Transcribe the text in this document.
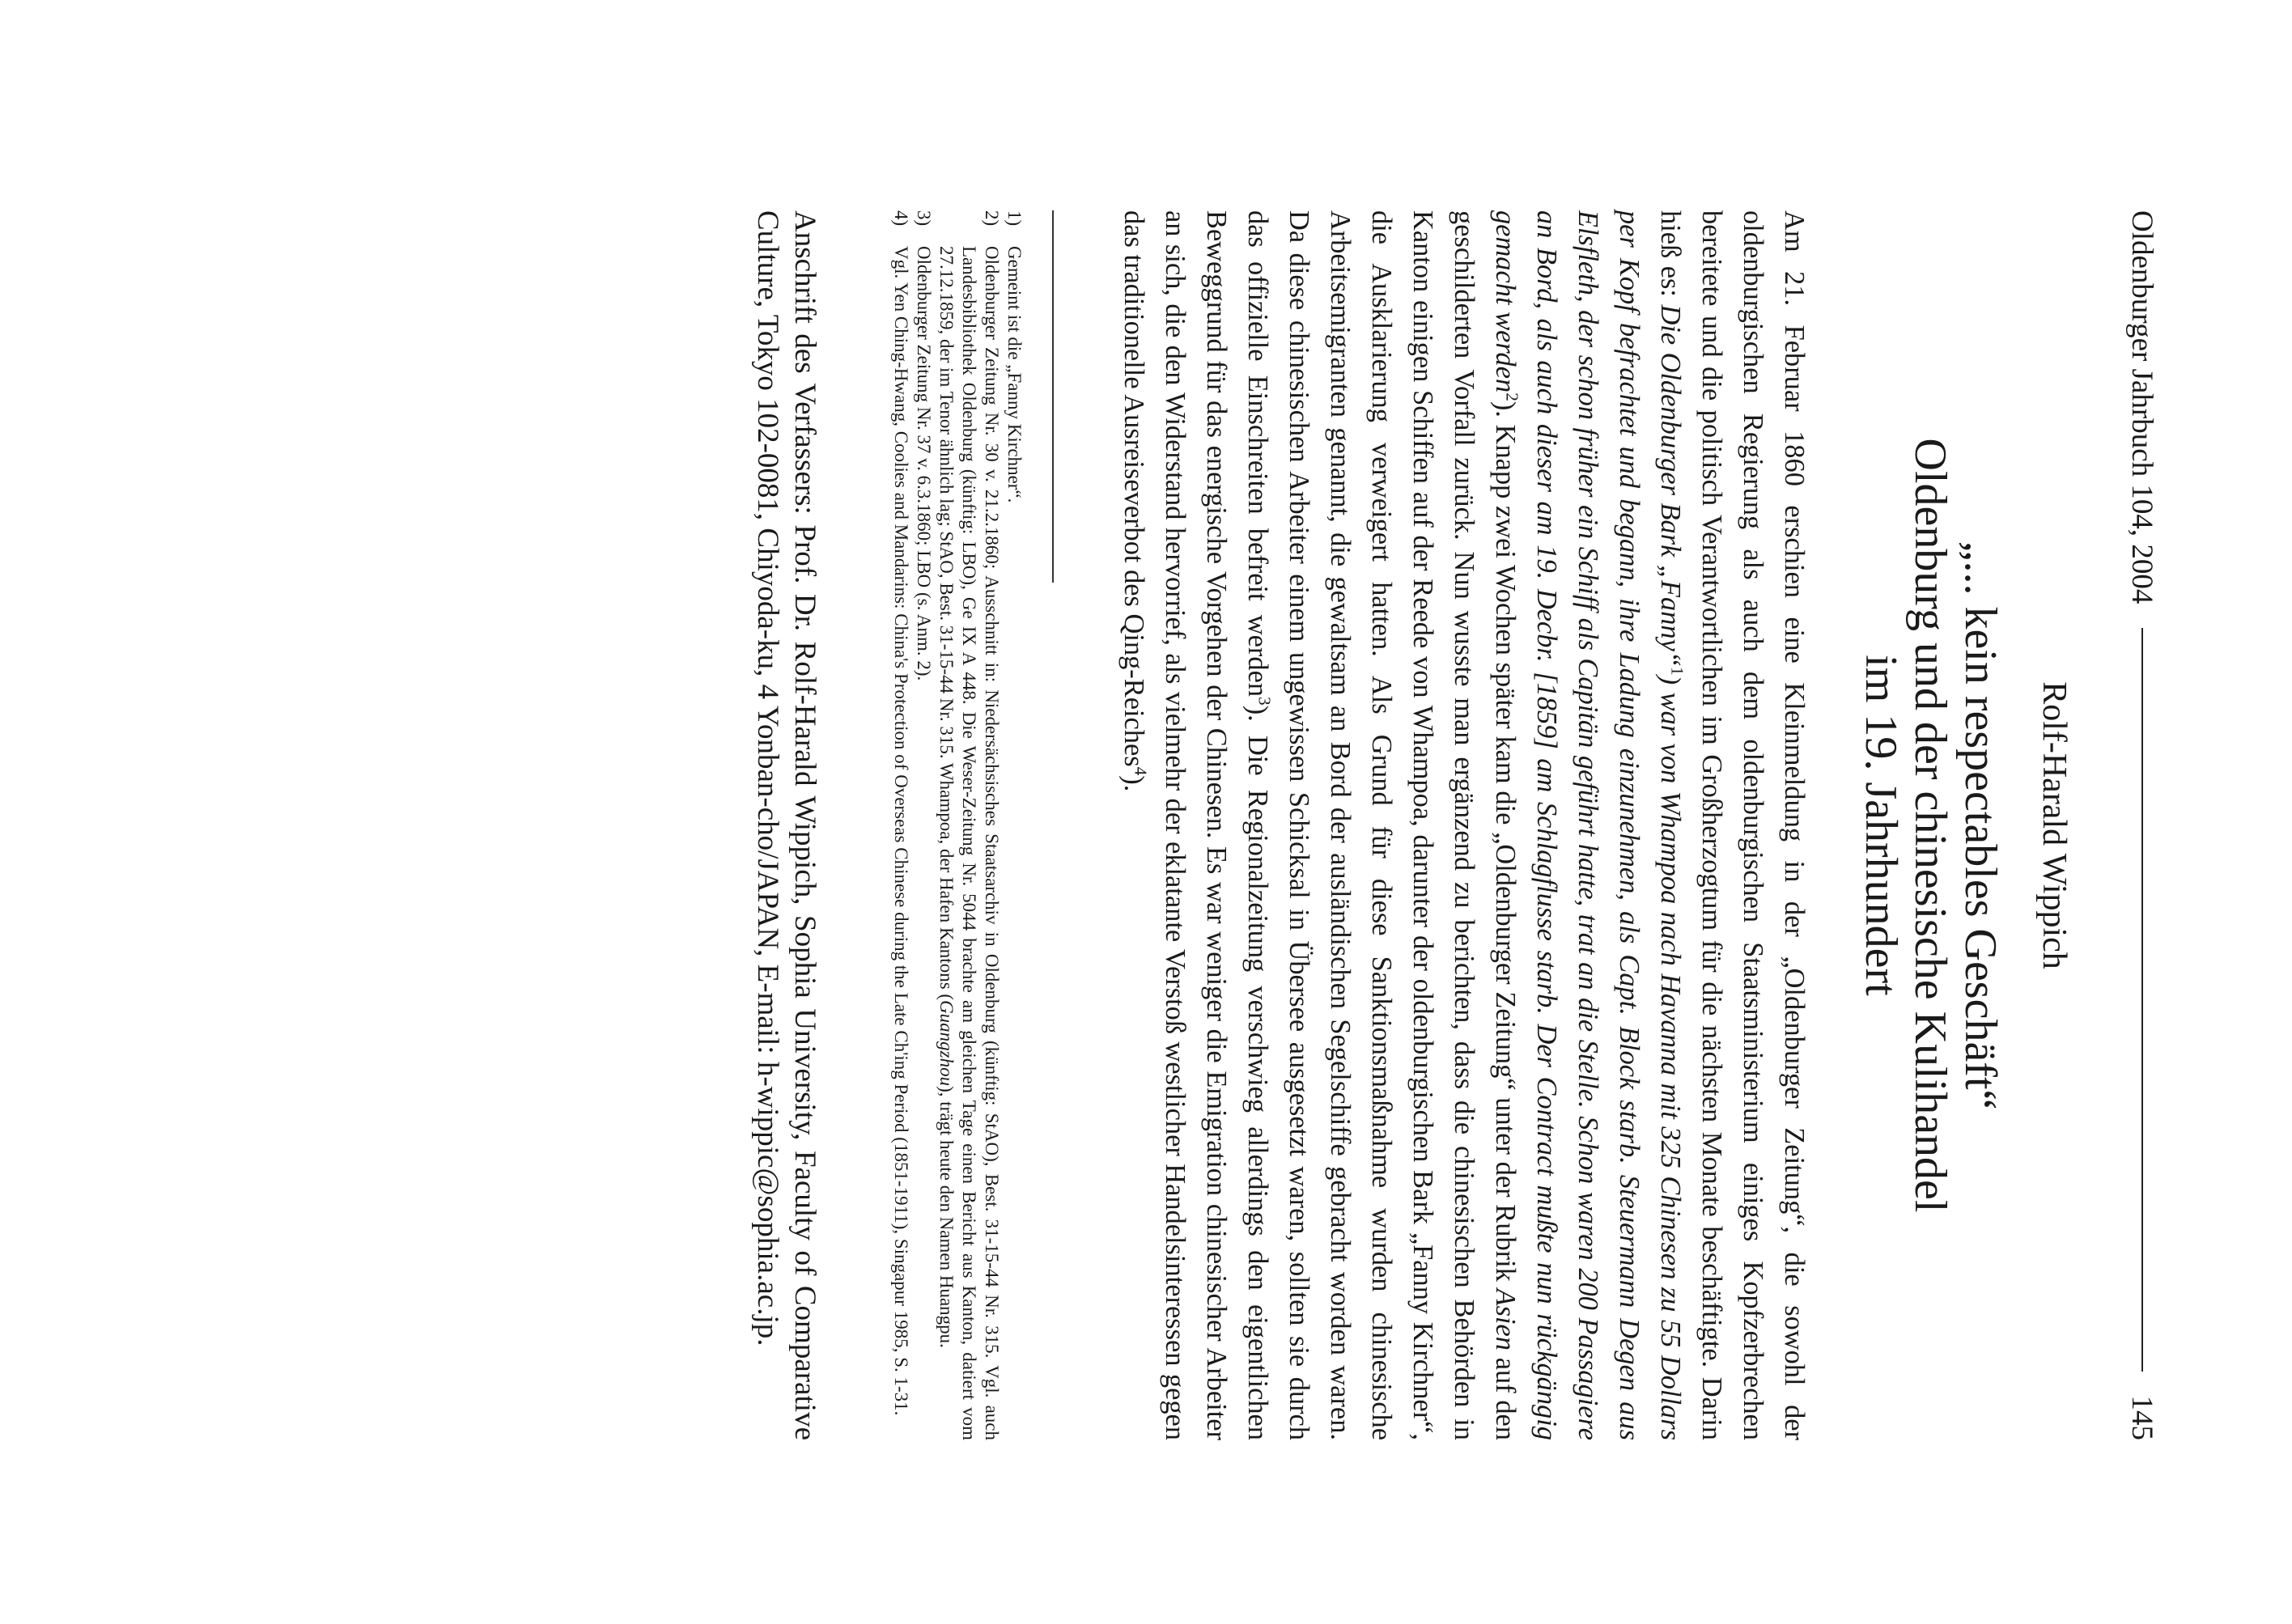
Oldenburger Jahrbuch 104, 2004
145
Rolf-Harald Wippich
„... kein respectables Geschäft“
Oldenburg und der chinesische Kulihandel
im 19. Jahrhundert

Am 21. Februar 1860 erschien eine Kleinmeldung in der „Oldenburger Zeitung“, die sowohl der oldenburgischen Regierung als auch dem oldenburgischen Staatsministerium einiges Kopfzerbrechen bereitete und die politisch Verantwortlichen im Großherzogtum für die nächsten Monate beschäftigte. Darin hieß es: Die Oldenburger Bark „Fanny“$^1$) war von Whampoa nach Havanna mit 325 Chinesen zu 55 Dollars per Kopf befrachtet und begann, ihre Ladung einzunehmen, als Capt. Block starb. Steuermann Degen aus Elsfleth, der schon früher ein Schiff als Capitän geführt hatte, trat an die Stelle. Schon waren 200 Passagiere an Bord, als auch dieser am 19. Decbr. [1859] am Schlagflusse starb. Der Contract mußte nun rückgängig gemacht werden$^2$). Knapp zwei Wochen später kam die „Oldenburger Zeitung“ unter der Rubrik Asien auf den geschilderten Vorfall zurück. Nun wusste man ergänzend zu berichten, dass die chinesischen Behörden in Kanton einigen Schiffen auf der Reede von Whampoa, darunter der oldenburgischen Bark „Fanny Kirchner“, die Ausklarierung verweigert hatten. Als Grund für diese Sanktionsmaßnahme wurden chinesische Arbeitsemigranten genannt, die gewaltsam an Bord der ausländischen Segelschiffe gebracht worden waren. Da diese chinesischen Arbeiter einem ungewissen Schicksal in Übersee ausgesetzt waren, sollten sie durch das offizielle Einschreiten befreit werden$^3$). Die Regionalzeitung verschwieg allerdings den eigentlichen Beweggrund für das energische Vorgehen der Chinesen. Es war weniger die Emigration chinesischer Arbeiter an sich, die den Widerstand hervorrief, als vielmehr der eklatante Verstoß westlicher Handelsinteressen gegen das traditionelle Ausreiseverbot des Qing-Reiches$^4$).

1)
Gemeint ist die „Fanny Kirchner“.
2)
Oldenburger Zeitung Nr. 30 v. 21.2.1860; Ausschnitt in: Niedersächsisches Staatsarchiv in Oldenburg (künftig: StAO), Best. 31-15-44 Nr. 315. Vgl. auch Landesbibliothek Oldenburg (künftig: LBO), Ge IX A 448. Die Weser-Zeitung Nr. 5044 brachte am gleichen Tage einen Bericht aus Kanton, datiert vom 27.12.1859, der im Tenor ähnlich lag; StAO, Best. 31-15-44 Nr. 315. Whampoa, der Hafen Kantons (Guangzhou), trägt heute den Namen Huangpu.
3)
Oldenburger Zeitung Nr. 37 v. 6.3.1860; LBO (s. Anm. 2).
4)
Vgl. Yen Ching-Hwang, Coolies and Mandarins: China's Protection of Overseas Chinese during the Late Ch'ing Period (1851-1911), Singapur 1985, S. 1-31.
Anschrift des Verfassers: Prof. Dr. Rolf-Harald Wippich, Sophia University, Faculty of Comparative Culture, Tokyo 102-0081, Chiyoda-ku, 4 Yonban-cho/JAPAN, E-mail: h-wippic@sophia.ac.jp.
